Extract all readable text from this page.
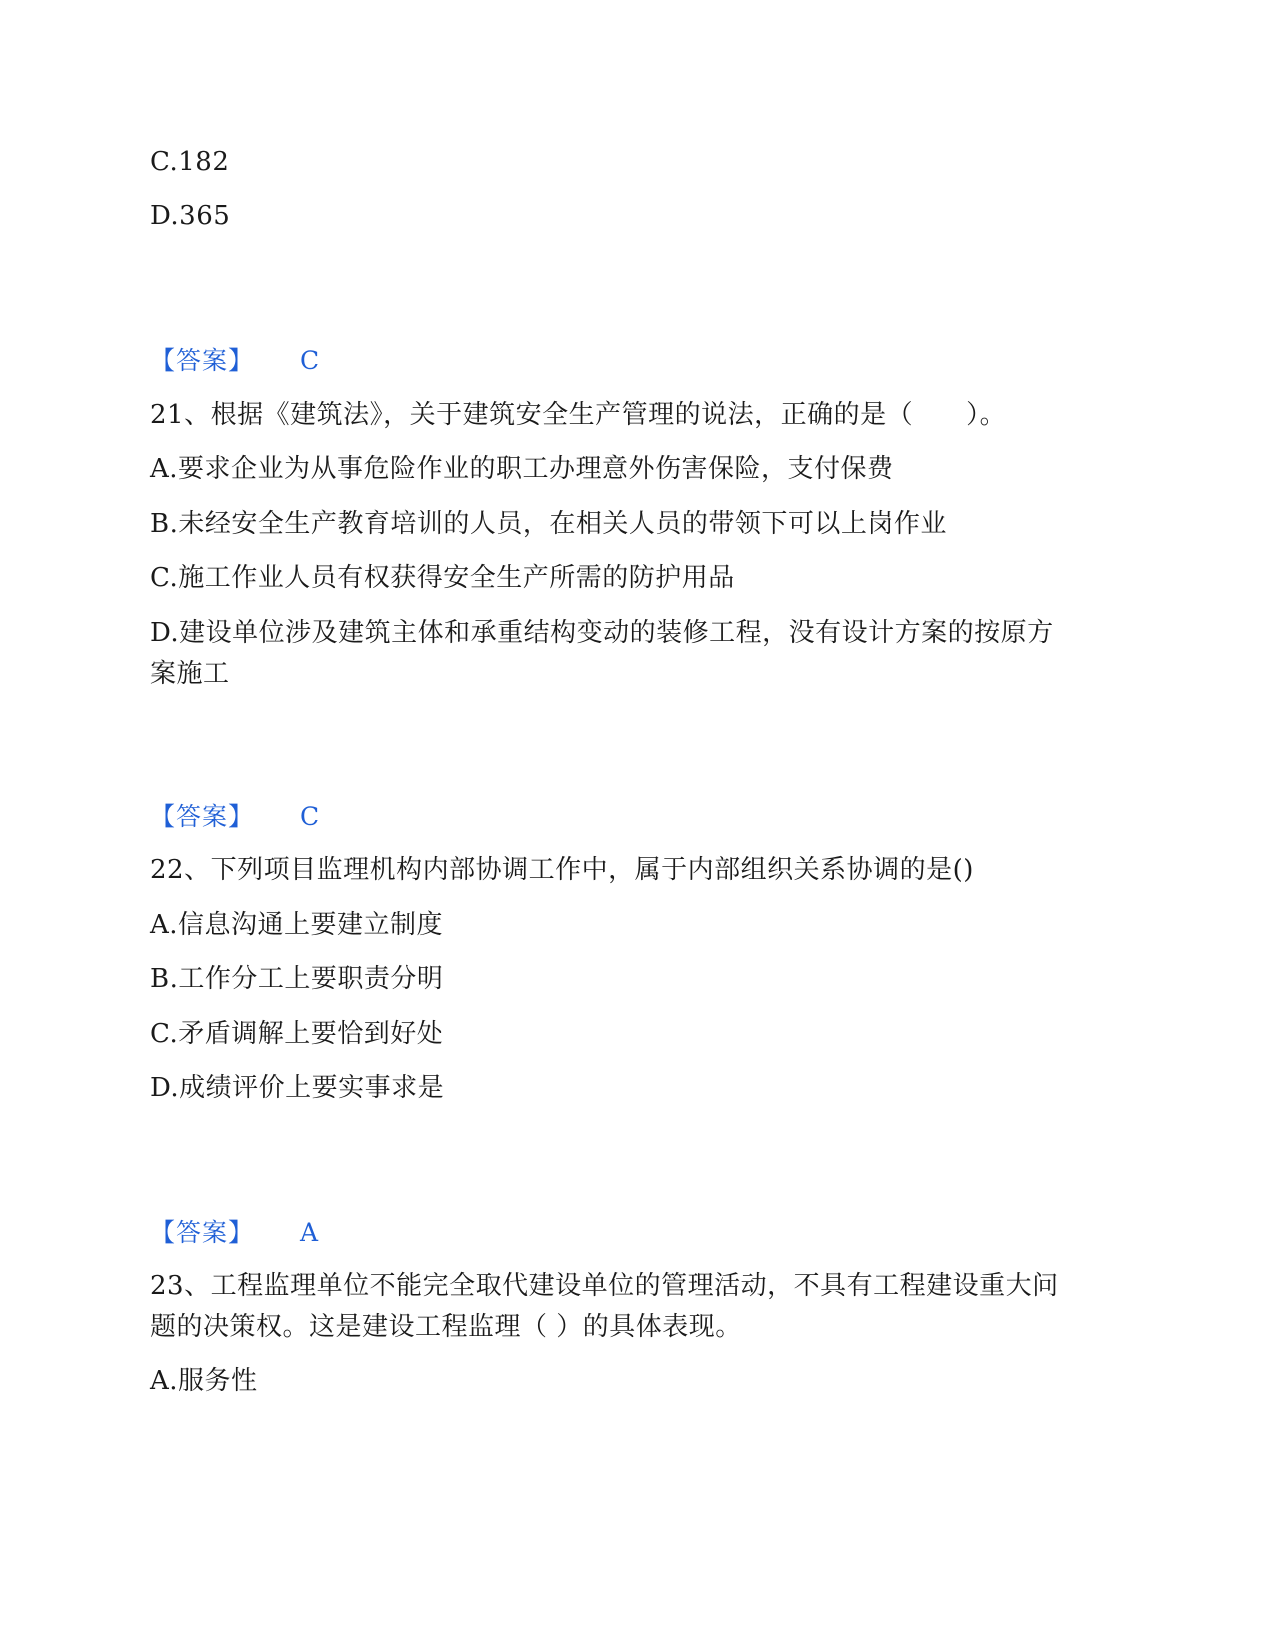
C.182
D.365
【答案】 C
21、根据《建筑法》，关于建筑安全生产管理的说法，正确的是（　　）。
A.要求企业为从事危险作业的职工办理意外伤害保险，支付保费
B.未经安全生产教育培训的人员，在相关人员的带领下可以上岗作业
C.施工作业人员有权获得安全生产所需的防护用品
D.建设单位涉及建筑主体和承重结构变动的装修工程，没有设计方案的按原方案施工
【答案】 C
22、下列项目监理机构内部协调工作中，属于内部组织关系协调的是()
A.信息沟通上要建立制度
B.工作分工上要职责分明
C.矛盾调解上要恰到好处
D.成绩评价上要实事求是
【答案】 A
23、工程监理单位不能完全取代建设单位的管理活动，不具有工程建设重大问题的决策权。这是建设工程监理（ ）的具体表现。
A.服务性
